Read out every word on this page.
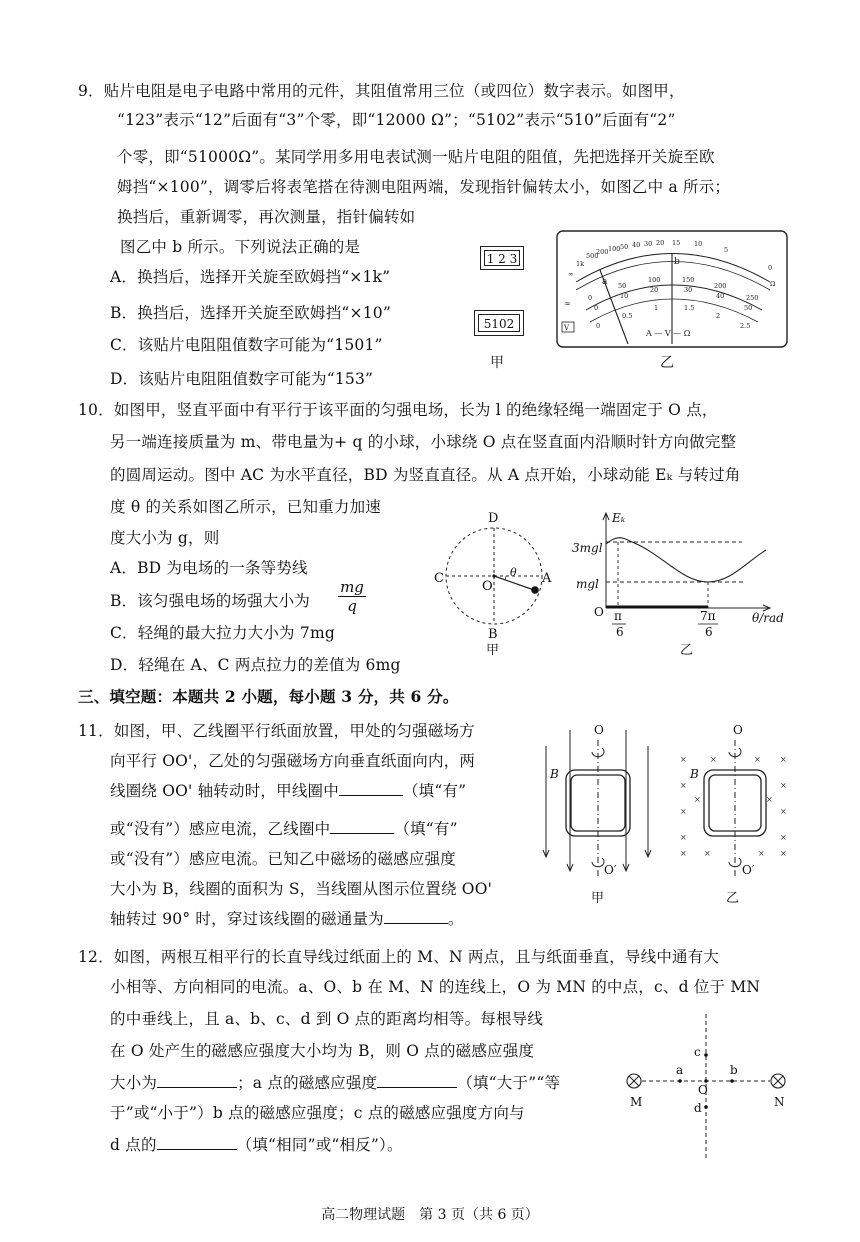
9．贴片电阻是电子电路中常用的元件，其阻值常用三位（或四位）数字表示。如图甲，
“123”表示“12”后面有“3”个零，即“12000 Ω”；“5102”表示“510”后面有“2”
个零，即“51000Ω”。某同学用多用电表试测一贴片电阻的阻值，先把选择开关旋至欧
姆挡“×100”，调零后将表笔搭在待测电阻两端，发现指针偏转太小，如图乙中 a 所示；
换挡后，重新调零，再次测量，指针偏转如
图乙中 b 所示。下列说法正确的是
A．换挡后，选择开关旋至欧姆挡“×1k”
B．换挡后，选择开关旋至欧姆挡“×10”
C．该贴片电阻阻值数字可能为“1501”
D．该贴片电阻阻值数字可能为“153”
1 2 3
5102
甲
∞
1k
500
200 100 50 40 30 20 15 10
5
0
Ω
0
50
100	150
200
250
0
10
20	30
40
50
0
0.5
1	1.5
2
2.5
≈
V
A — V — Ω
a
b
乙
10．如图甲，竖直平面中有平行于该平面的匀强电场，长为 l 的绝缘轻绳一端固定于 O 点，
另一端连接质量为 m、带电量为+ q 的小球，小球绕 O 点在竖直面内沿顺时针方向做完整
的圆周运动。图中 AC 为水平直径，BD 为竖直直径。从 A 点开始，小球动能 Eₖ 与转过角
度 θ 的关系如图乙所示，已知重力加速
度大小为 g，则
A．BD 为电场的一条等势线
B．该匀强电场的场强大小为 $\frac{mg}{q}$
C．轻绳的最大拉力大小为 7mg
D．轻绳在 A、C 两点拉力的差值为 6mg
D
C
O
A
B
θ
甲
Eₖ
3mgl
mgl
O π
6
7π
6
θ/rad
乙
三、填空题：本题共 2 小题，每小题 3 分，共 6 分。
11．如图，甲、乙线圈平行纸面放置，甲处的匀强磁场方
向平行 OO'，乙处的匀强磁场方向垂直纸面向内，两
线圈绕 OO' 轴转动时，甲线圈中	（填“有”
或“没有”）感应电流，乙线圈中	（填“有”
或“没有”）感应电流。已知乙中磁场的磁感应强度
大小为 B，线圈的面积为 S，当线圈从图示位置绕 OO'
轴转过 90° 时，穿过该线圈的磁通量为	。
O
O′
B
甲
×	×	× ×
×	×
×	×
×	×
× ×	× ×
×	×
O
O′
B
乙
12．如图，两根互相平行的长直导线过纸面上的 M、N 两点，且与纸面垂直，导线中通有大
小相等、方向相同的电流。a、O、b 在 M、N 的连线上，O 为 MN 的中点，c、d 位于 MN
的中垂线上，且 a、b、c、d 到 O 点的距离均相等。每根导线
在 O 处产生的磁感应强度大小均为 B，则 O 点的磁感应强度
大小为	；a 点的磁感应强度	（填“大于”“等
于”或“小于”）b 点的磁感应强度；c 点的磁感应强度方向与
d 点的	（填“相同”或“相反”）。
M	N
a	b
c
d
O
高二物理试题　第 3 页（共 6 页）
